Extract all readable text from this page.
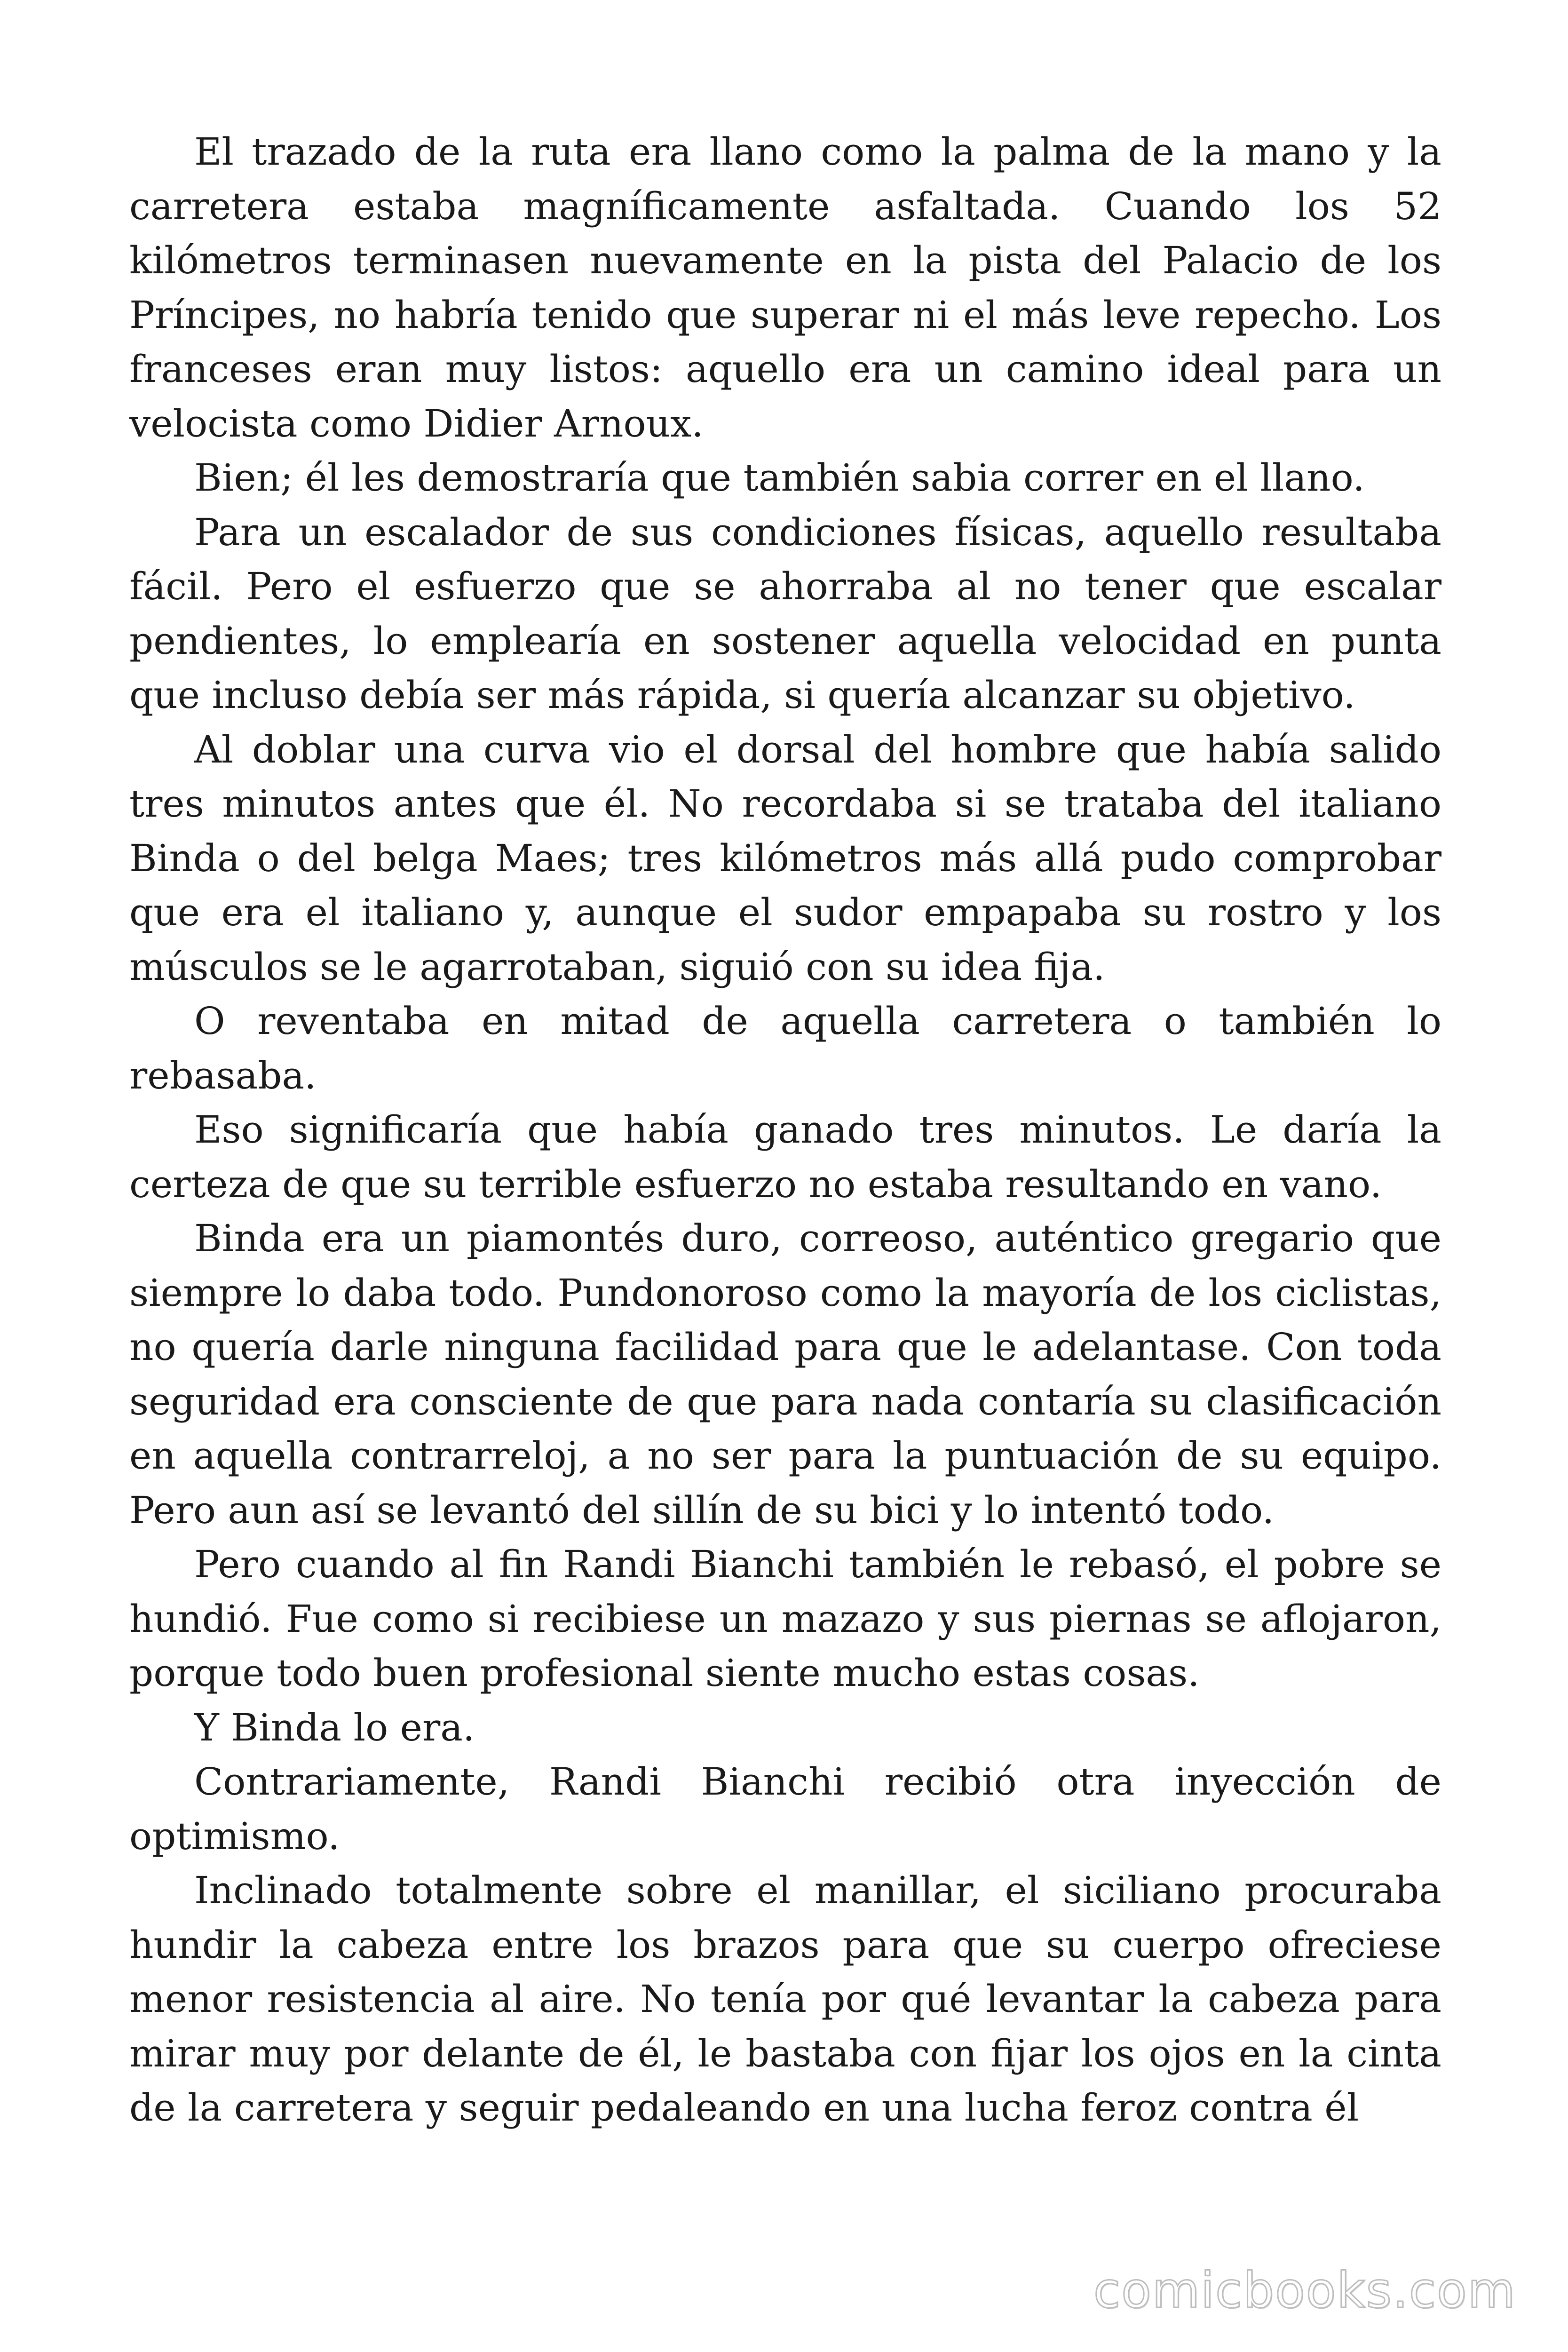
El trazado de la ruta era llano como la palma de la mano y la carretera estaba magníficamente asfaltada. Cuando los 52 kilómetros terminasen nuevamente en la pista del Palacio de los Príncipes, no habría tenido que superar ni el más leve repecho. Los franceses eran muy listos: aquello era un camino ideal para un velocista como Didier Arnoux.

Bien; él les demostraría que también sabia correr en el llano.

Para un escalador de sus condiciones físicas, aquello resultaba fácil. Pero el esfuerzo que se ahorraba al no tener que escalar pendientes, lo emplearía en sostener aquella velocidad en punta que incluso debía ser más rápida, si quería alcanzar su objetivo.

Al doblar una curva vio el dorsal del hombre que había salido tres minutos antes que él. No recordaba si se trataba del italiano Binda o del belga Maes; tres kilómetros más allá pudo comprobar que era el italiano y, aunque el sudor empapaba su rostro y los músculos se le agarrotaban, siguió con su idea fija.

O reventaba en mitad de aquella carretera o también lo rebasaba.

Eso significaría que había ganado tres minutos. Le daría la certeza de que su terrible esfuerzo no estaba resultando en vano.

Binda era un piamontés duro, correoso, auténtico gregario que siempre lo daba todo. Pundonoroso como la mayoría de los ciclistas, no quería darle ninguna facilidad para que le adelantase. Con toda seguridad era consciente de que para nada contaría su clasificación en aquella contrarreloj, a no ser para la puntuación de su equipo. Pero aun así se levantó del sillín de su bici y lo intentó todo.

Pero cuando al fin Randi Bianchi también le rebasó, el pobre se hundió. Fue como si recibiese un mazazo y sus piernas se aflojaron, porque todo buen profesional siente mucho estas cosas.

Y Binda lo era.

Contrariamente, Randi Bianchi recibió otra inyección de optimismo.

Inclinado totalmente sobre el manillar, el siciliano procuraba hundir la cabeza entre los brazos para que su cuerpo ofreciese menor resistencia al aire. No tenía por qué levantar la cabeza para mirar muy por delante de él, le bastaba con fijar los ojos en la cinta de la carretera y seguir pedaleando en una lucha feroz contra él

comicbooks.com
